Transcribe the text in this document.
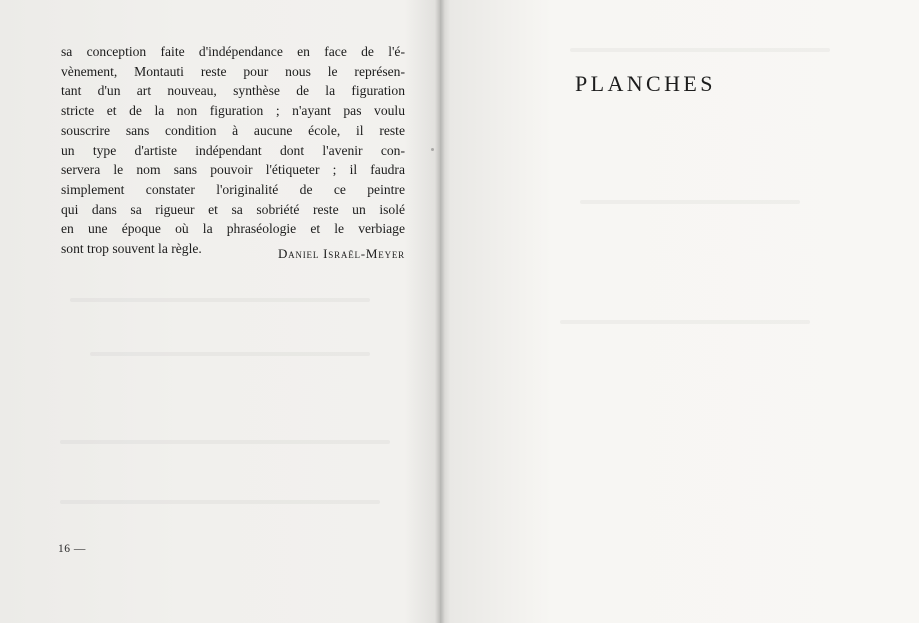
sa conception faite d'indépendance en face de l'é-
vènement, Montauti reste pour nous le représen-
tant d'un art nouveau, synthèse de la figuration
stricte et de la non figuration ; n'ayant pas voulu
souscrire sans condition à aucune école, il reste
un type d'artiste indépendant dont l'avenir con-
servera le nom sans pouvoir l'étiqueter ; il faudra
simplement constater l'originalité de ce peintre
qui dans sa rigueur et sa sobriété reste un isolé
en une époque où la phraséologie et le verbiage
sont trop souvent la règle.	Daniel Israël-Meyer
16 —
PLANCHES
